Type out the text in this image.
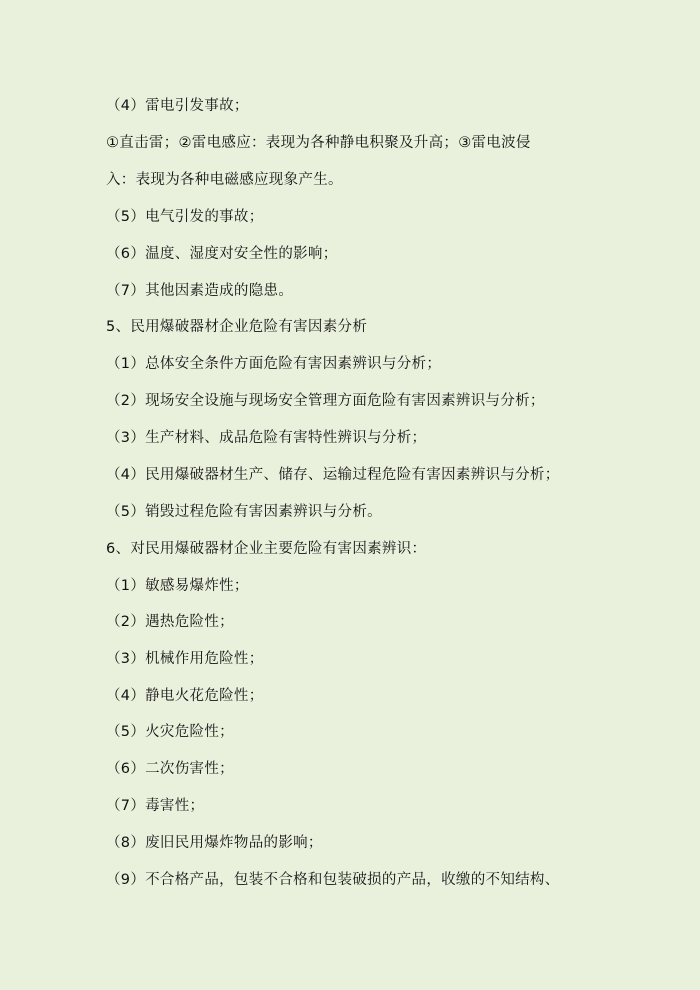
（4）雷电引发事故；
①直击雷；②雷电感应：表现为各种静电积聚及升高；③雷电波侵
入：表现为各种电磁感应现象产生。
（5）电气引发的事故；
（6）温度、湿度对安全性的影响；
（7）其他因素造成的隐患。
5、民用爆破器材企业危险有害因素分析
（1）总体安全条件方面危险有害因素辨识与分析；
（2）现场安全设施与现场安全管理方面危险有害因素辨识与分析；
（3）生产材料、成品危险有害特性辨识与分析；
（4）民用爆破器材生产、储存、运输过程危险有害因素辨识与分析；
（5）销毁过程危险有害因素辨识与分析。
6、对民用爆破器材企业主要危险有害因素辨识：
（1）敏感易爆炸性；
（2）遇热危险性；
（3）机械作用危险性；
（4）静电火花危险性；
（5）火灾危险性；
（6）二次伤害性；
（7）毒害性；
（8）废旧民用爆炸物品的影响；
（9）不合格产品，包装不合格和包装破损的产品，收缴的不知结构、
